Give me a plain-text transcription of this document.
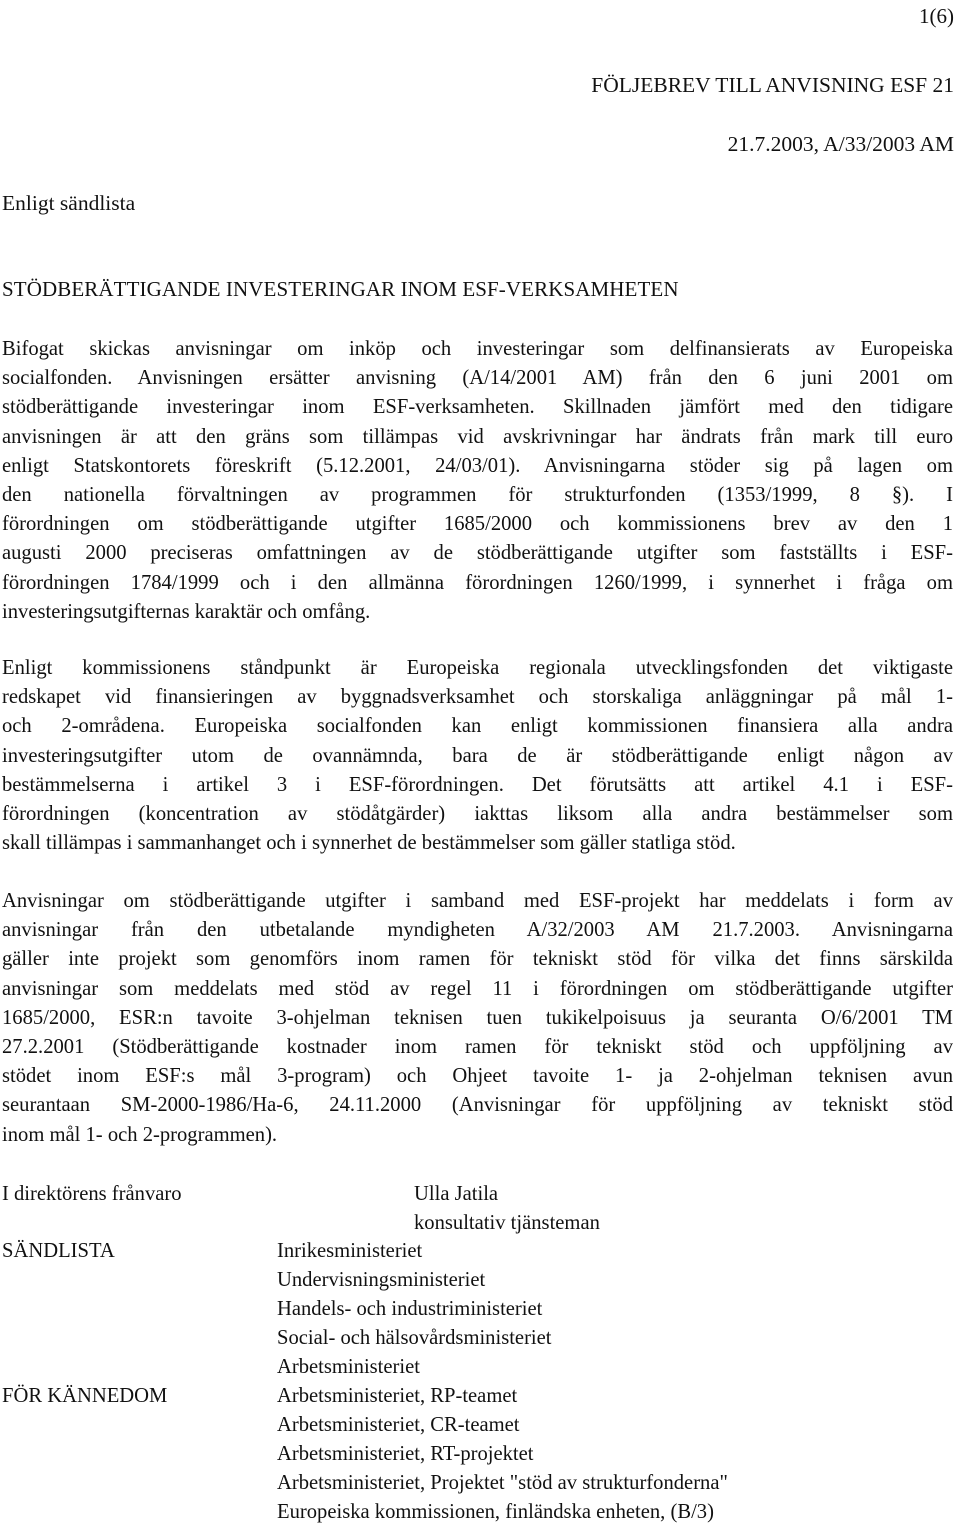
1(6)
FÖLJEBREV TILL ANVISNING ESF 21
21.7.2003, A/33/2003 AM
Enligt sändlista
STÖDBERÄTTIGANDE INVESTERINGAR INOM ESF-VERKSAMHETEN
Bifogat skickas anvisningar om inköp och investeringar som delfinansierats av Europeiska
socialfonden. Anvisningen ersätter anvisning (A/14/2001 AM) från den 6 juni 2001 om
stödberättigande investeringar inom ESF-verksamheten. Skillnaden jämfört med den tidigare
anvisningen är att den gräns som tillämpas vid avskrivningar har ändrats från mark till euro
enligt Statskontorets föreskrift (5.12.2001, 24/03/01). Anvisningarna stöder sig på lagen om
den nationella förvaltningen av programmen för strukturfonden (1353/1999, 8 §). I
förordningen om stödberättigande utgifter 1685/2000 och kommissionens brev av den 1
augusti 2000 preciseras omfattningen av de stödberättigande utgifter som fastställts i ESF-
förordningen 1784/1999 och i den allmänna förordningen 1260/1999, i synnerhet i fråga om
investeringsutgifternas karaktär och omfång.
Enligt kommissionens ståndpunkt är Europeiska regionala utvecklingsfonden det viktigaste
redskapet vid finansieringen av byggnadsverksamhet och storskaliga anläggningar på mål 1-
och 2-områdena. Europeiska socialfonden kan enligt kommissionen finansiera alla andra
investeringsutgifter utom de ovannämnda, bara de är stödberättigande enligt någon av
bestämmelserna i artikel 3 i ESF-förordningen. Det förutsätts att artikel 4.1 i ESF-
förordningen (koncentration av stödåtgärder) iakttas liksom alla andra bestämmelser som
skall tillämpas i sammanhanget och i synnerhet de bestämmelser som gäller statliga stöd.
Anvisningar om stödberättigande utgifter i samband med ESF-projekt har meddelats i form av
anvisningar från den utbetalande myndigheten A/32/2003 AM 21.7.2003. Anvisningarna
gäller inte projekt som genomförs inom ramen för tekniskt stöd för vilka det finns särskilda
anvisningar som meddelats med stöd av regel 11 i förordningen om stödberättigande utgifter
1685/2000, ESR:n tavoite 3-ohjelman teknisen tuen tukikelpoisuus ja seuranta O/6/2001 TM
27.2.2001 (Stödberättigande kostnader inom ramen för tekniskt stöd och uppföljning av
stödet inom ESF:s mål 3-program) och Ohjeet tavoite 1- ja 2-ohjelman teknisen avun
seurantaan SM-2000-1986/Ha-6, 24.11.2000 (Anvisningar för uppföljning av tekniskt stöd
inom mål 1- och 2-programmen).
I direktörens frånvaro	Ulla Jatila
konsultativ tjänsteman
SÄNDLISTA	Inrikesministeriet
Undervisningsministeriet
Handels- och industriministeriet
Social- och hälsovårdsministeriet
Arbetsministeriet
FÖR KÄNNEDOM	Arbetsministeriet, RP-teamet
Arbetsministeriet, CR-teamet
Arbetsministeriet, RT-projektet
Arbetsministeriet, Projektet "stöd av strukturfonderna"
Europeiska kommissionen, finländska enheten, (B/3)
